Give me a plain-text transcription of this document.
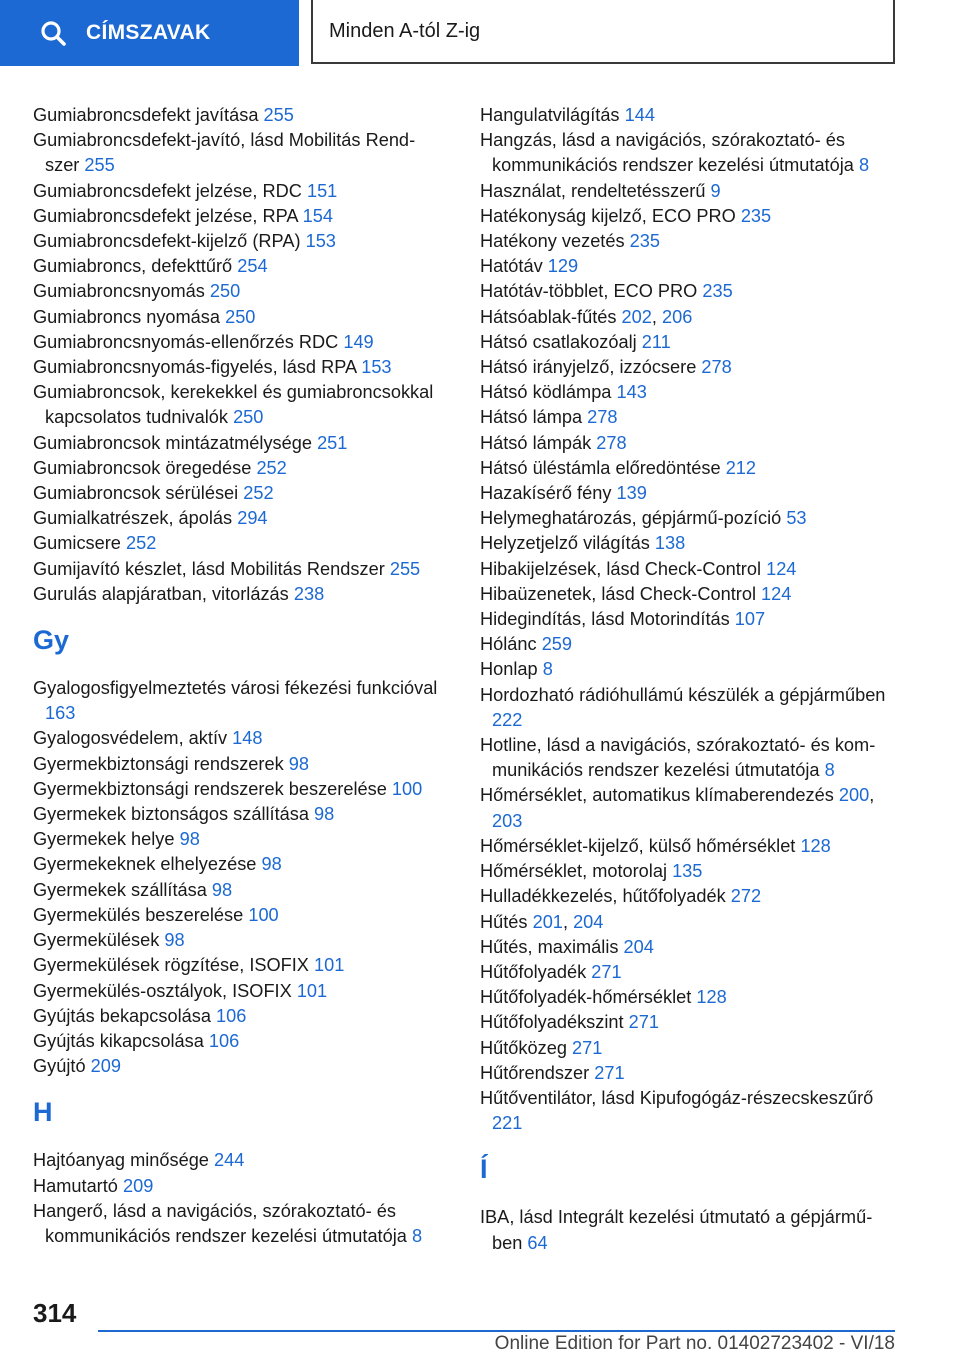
CÍMSZAVAK	Minden A-tól Z-ig
Gumiabroncsdefekt javítása 255
Gumiabroncsdefekt-javító, lásd Mobilitás Rendszer 255
Gumiabroncsdefekt jelzése, RDC 151
Gumiabroncsdefekt jelzése, RPA 154
Gumiabroncsdefekt-kijelző (RPA) 153
Gumiabroncs, defekttűrő 254
Gumiabroncsnyomás 250
Gumiabroncs nyomása 250
Gumiabroncsnyomás-ellenőrzés RDC 149
Gumiabroncsnyomás-figyelés, lásd RPA 153
Gumiabroncsok, kerekekkel és gumiabroncsokkal kapcsolatos tudnivalók 250
Gumiabroncsok mintázatmélysége 251
Gumiabroncsok öregedése 252
Gumiabroncsok sérülései 252
Gumialkatrészek, ápolás 294
Gumicsere 252
Gumijavító készlet, lásd Mobilitás Rendszer 255
Gurulás alapjáratban, vitorlázás 238
Gy
Gyalogosfigyelmeztetés városi fékezési funkcióval 163
Gyalogosvédelem, aktív 148
Gyermekbiztonsági rendszerek 98
Gyermekbiztonsági rendszerek beszerelése 100
Gyermekek biztonságos szállítása 98
Gyermekek helye 98
Gyermekeknek elhelyezése 98
Gyermekek szállítása 98
Gyermekülés beszerelése 100
Gyermekülések 98
Gyermekülések rögzítése, ISOFIX 101
Gyermekülés-osztályok, ISOFIX 101
Gyújtás bekapcsolása 106
Gyújtás kikapcsolása 106
Gyújtó 209
H
Hajtóanyag minősége 244
Hamutartó 209
Hangerő, lásd a navigációs, szórakoztató- és kommunikációs rendszer kezelési útmutatója 8
Hangulatvilágítás 144
Hangzás, lásd a navigációs, szórakoztató- és kommunikációs rendszer kezelési útmutatója 8
Használat, rendeltetésszerű 9
Hatékonyság kijelző, ECO PRO 235
Hatékony vezetés 235
Hatótáv 129
Hatótáv-többlet, ECO PRO 235
Hátsóablak-fűtés 202, 206
Hátsó csatlakozóalj 211
Hátsó irányjelző, izzócsere 278
Hátsó ködlámpa 143
Hátsó lámpa 278
Hátsó lámpák 278
Hátsó üléstámla előredöntése 212
Hazakísérő fény 139
Helymeghatározás, gépjármű-pozíció 53
Helyzetjelző világítás 138
Hibakijelzések, lásd Check-Control 124
Hibaüzenetek, lásd Check-Control 124
Hidegindítás, lásd Motorindítás 107
Hólánc 259
Honlap 8
Hordozható rádióhullámú készülék a gépjárműben 222
Hotline, lásd a navigációs, szórakoztató- és kommunikációs rendszer kezelési útmutatója 8
Hőmérséklet, automatikus klímaberendezés 200, 203
Hőmérséklet-kijelző, külső hőmérséklet 128
Hőmérséklet, motorolaj 135
Hulladékkezelés, hűtőfolyadék 272
Hűtés 201, 204
Hűtés, maximális 204
Hűtőfolyadék 271
Hűtőfolyadék-hőmérséklet 128
Hűtőfolyadékszint 271
Hűtőközeg 271
Hűtőrendszer 271
Hűtőventilátor, lásd Kipufogógáz-részecskeszűrő 221
Í
IBA, lásd Integrált kezelési útmutató a gépjárműben 64
314
Online Edition for Part no. 01402723402 - VI/18
